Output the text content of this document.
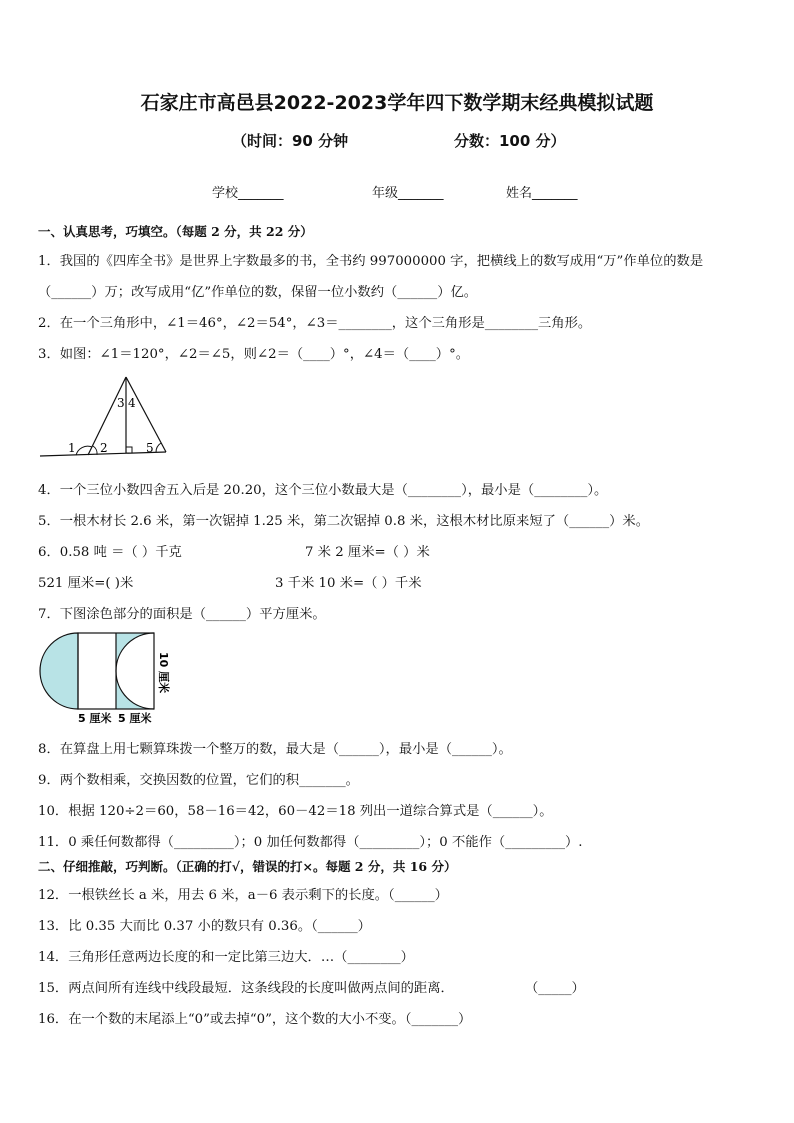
石家庄市高邑县2022-2023学年四下数学期末经典模拟试题
（时间：90 分钟	分数：100 分）
学校_______	年级_______	姓名_______
一、认真思考，巧填空。（每题 2 分，共 22 分）
1．我国的《四库全书》是世界上字数最多的书，全书约 997000000 字，把横线上的数写成用“万”作单位的数是
（______）万；改写成用“亿”作单位的数，保留一位小数约（______）亿。
2．在一个三角形中，∠1＝46°，∠2＝54°，∠3＝________，这个三角形是________三角形。
3．如图：∠1＝120°，∠2＝∠5，则∠2＝（____）°，∠4＝（____）°。
1 2
3 4
5
4．一个三位小数四舍五入后是 20.20，这个三位小数最大是（________），最小是（________）。
5．一根木材长 2.6 米，第一次锯掉 1.25 米，第二次锯掉 0.8 米，这根木材比原来短了（______）米。
6．0.58 吨 ＝（ ）千克	7 米 2 厘米=（ ）米
521 厘米=( )米	3 千米 10 米=（ ）千米
7．下图涂色部分的面积是（______）平方厘米。
5 厘米 5 厘米
10 厘米
8．在算盘上用七颗算珠拨一个整万的数，最大是（______），最小是（______）。
9．两个数相乘，交换因数的位置，它们的积_______。
10．根据 120÷2＝60，58－16＝42，60－42＝18 列出一道综合算式是（______）。
11．0 乘任何数都得（_________）；0 加任何数都得（_________）；0 不能作（_________）.
二、仔细推敲，巧判断。（正确的打√，错误的打×。每题 2 分，共 16 分）
12．一根铁丝长 a 米，用去 6 米，a－6 表示剩下的长度。（______）
13．比 0.35 大而比 0.37 小的数只有 0.36。（______）
14．三角形任意两边长度的和一定比第三边大．…（________）
15．两点间所有连线中线段最短．这条线段的长度叫做两点间的距离．	（_____）
16．在一个数的末尾添上“0”或去掉“0”，这个数的大小不变。（_______）
